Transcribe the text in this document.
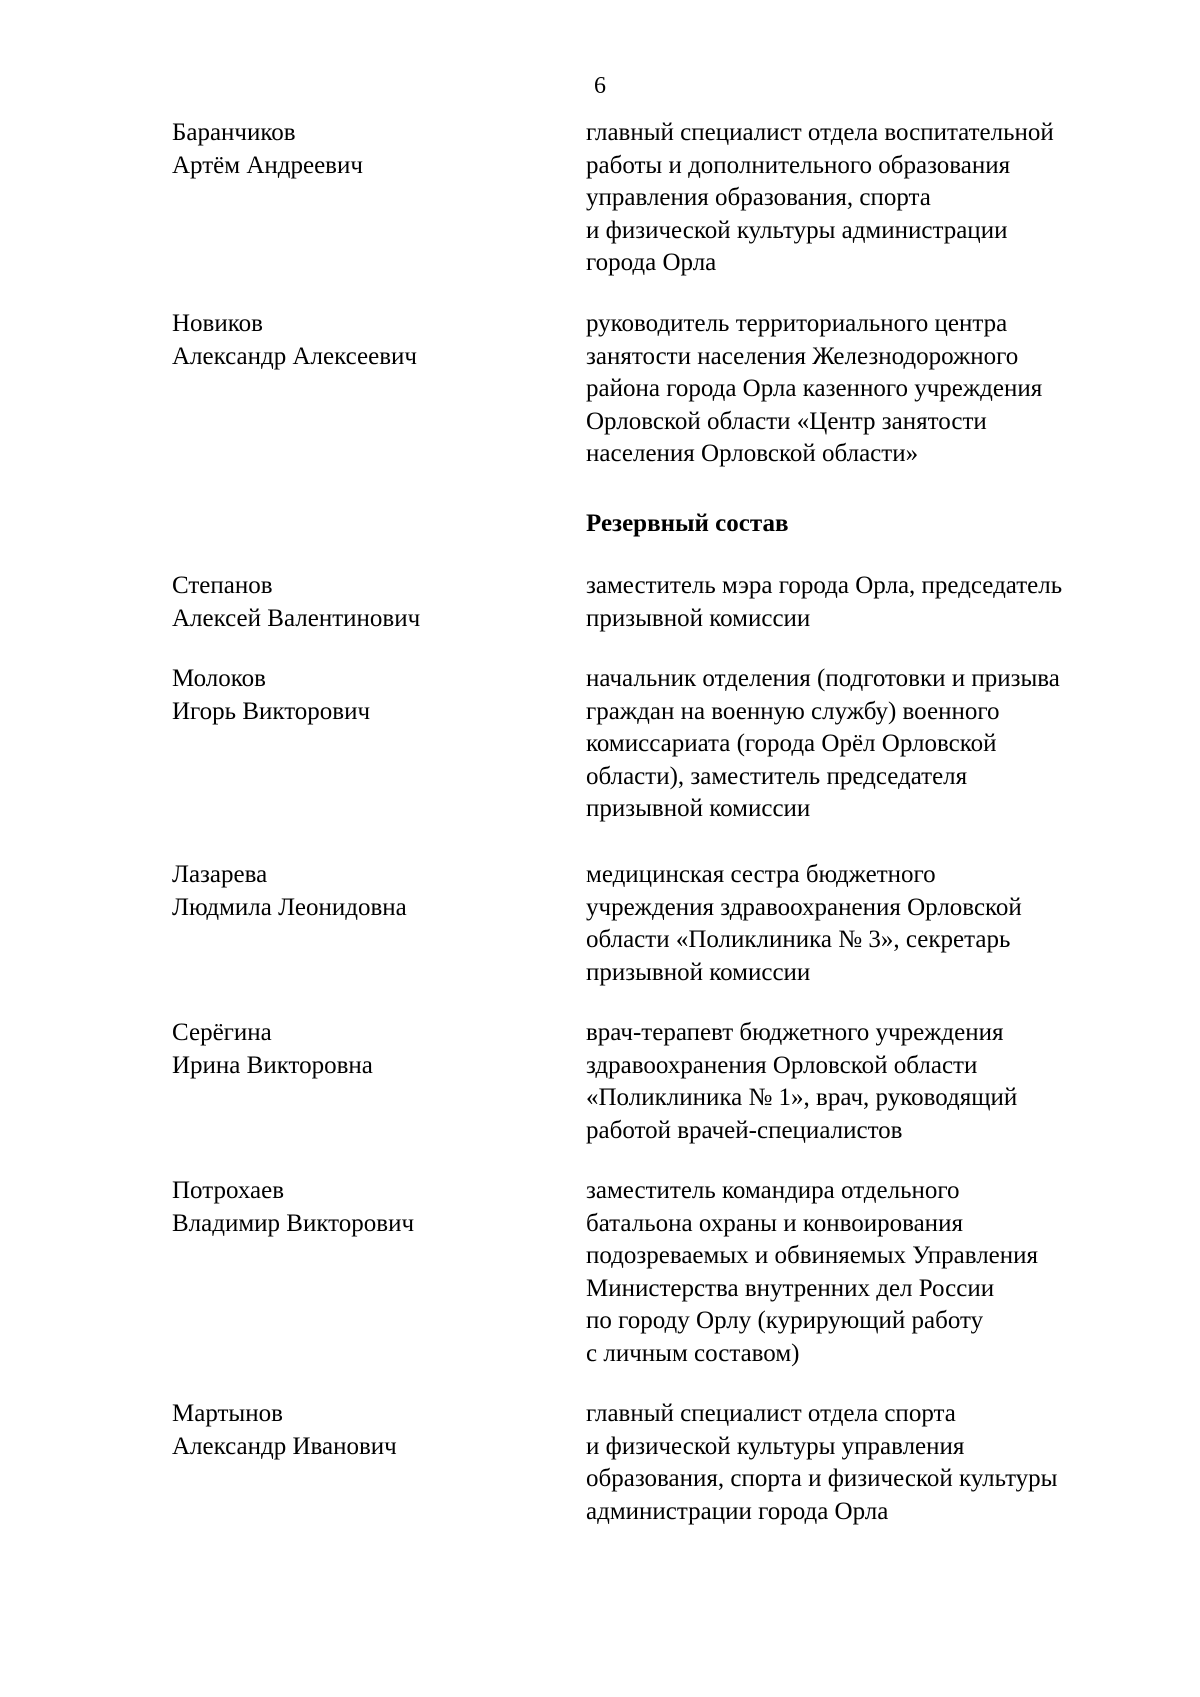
6
Баранчиков
Артём Андреевич
главный специалист отдела воспитательной
работы и дополнительного образования
управления образования, спорта
и физической культуры администрации
города Орла
Новиков
Александр Алексеевич
руководитель территориального центра
занятости населения Железнодорожного
района города Орла казенного учреждения
Орловской области «Центр занятости
населения Орловской области»
Резервный состав
Степанов
Алексей Валентинович
заместитель мэра города Орла, председатель
призывной комиссии
Молоков
Игорь Викторович
начальник отделения (подготовки и призыва
граждан на военную службу) военного
комиссариата (города Орёл Орловской
области), заместитель председателя
призывной комиссии
Лазарева
Людмила Леонидовна
медицинская сестра бюджетного
учреждения здравоохранения Орловской
области «Поликлиника № 3», секретарь
призывной комиссии
Серёгина
Ирина Викторовна
врач-терапевт бюджетного учреждения
здравоохранения Орловской области
«Поликлиника № 1», врач, руководящий
работой врачей-специалистов
Потрохаев
Владимир Викторович
заместитель командира отдельного
батальона охраны и конвоирования
подозреваемых и обвиняемых Управления
Министерства внутренних дел России
по городу Орлу (курирующий работу
с личным составом)
Мартынов
Александр Иванович
главный специалист отдела спорта
и физической культуры управления
образования, спорта и физической культуры
администрации города Орла
